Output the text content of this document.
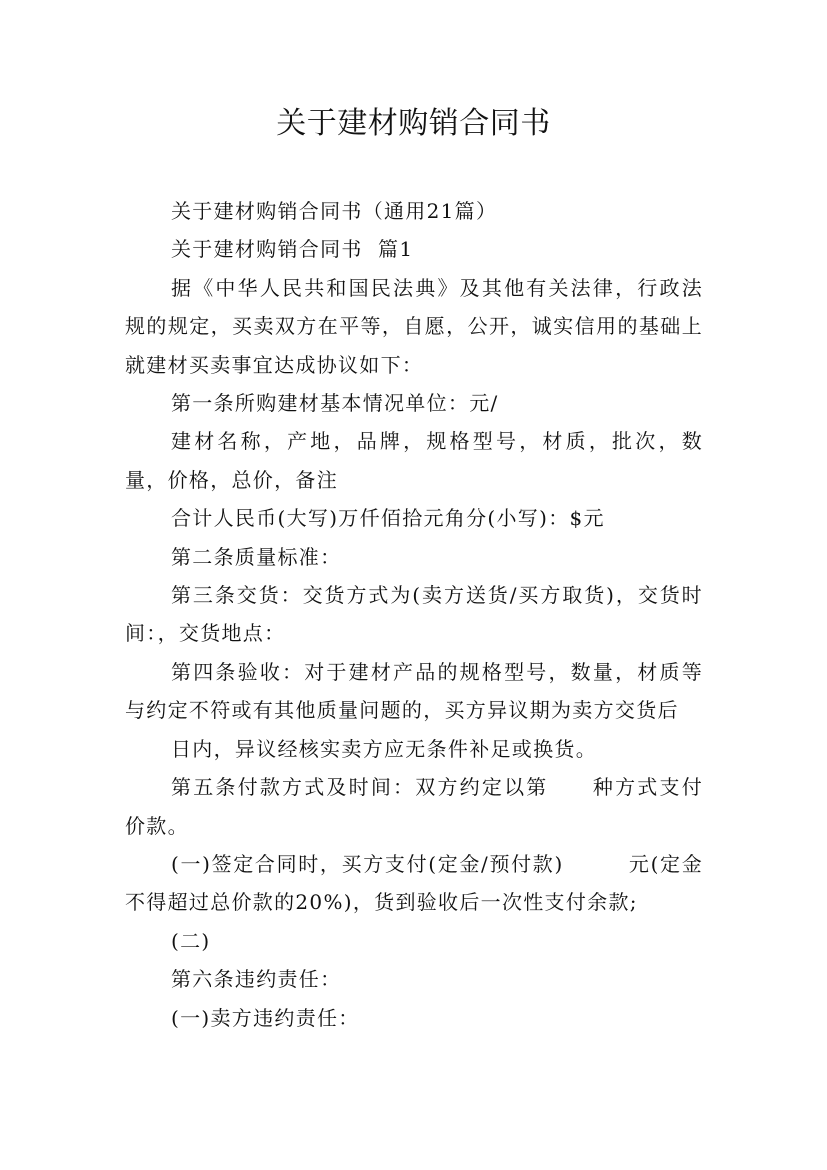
关于建材购销合同书

关于建材购销合同书（通用21篇）

关于建材购销合同书  篇1

据《中华人民共和国民法典》及其他有关法律，行政法规的规定，买卖双方在平等，自愿，公开，诚实信用的基础上就建材买卖事宜达成协议如下：

第一条所购建材基本情况单位：元/

建材名称，产地，品牌，规格型号，材质，批次，数量，价格，总价，备注

合计人民币(大写)万仟佰拾元角分(小写)：$元

第二条质量标准：

第三条交货：交货方式为(卖方送货/买方取货)，交货时间：，交货地点：

第四条验收：对于建材产品的规格型号，数量，材质等与约定不符或有其他质量问题的，买方异议期为卖方交货后

日内，异议经核实卖方应无条件补足或换货。

第五条付款方式及时间：双方约定以第　　种方式支付价款。

(一)签定合同时，买方支付(定金/预付款)　　　元(定金不得超过总价款的20%)，货到验收后一次性支付余款;

(二)

第六条违约责任：

(一)卖方违约责任：
